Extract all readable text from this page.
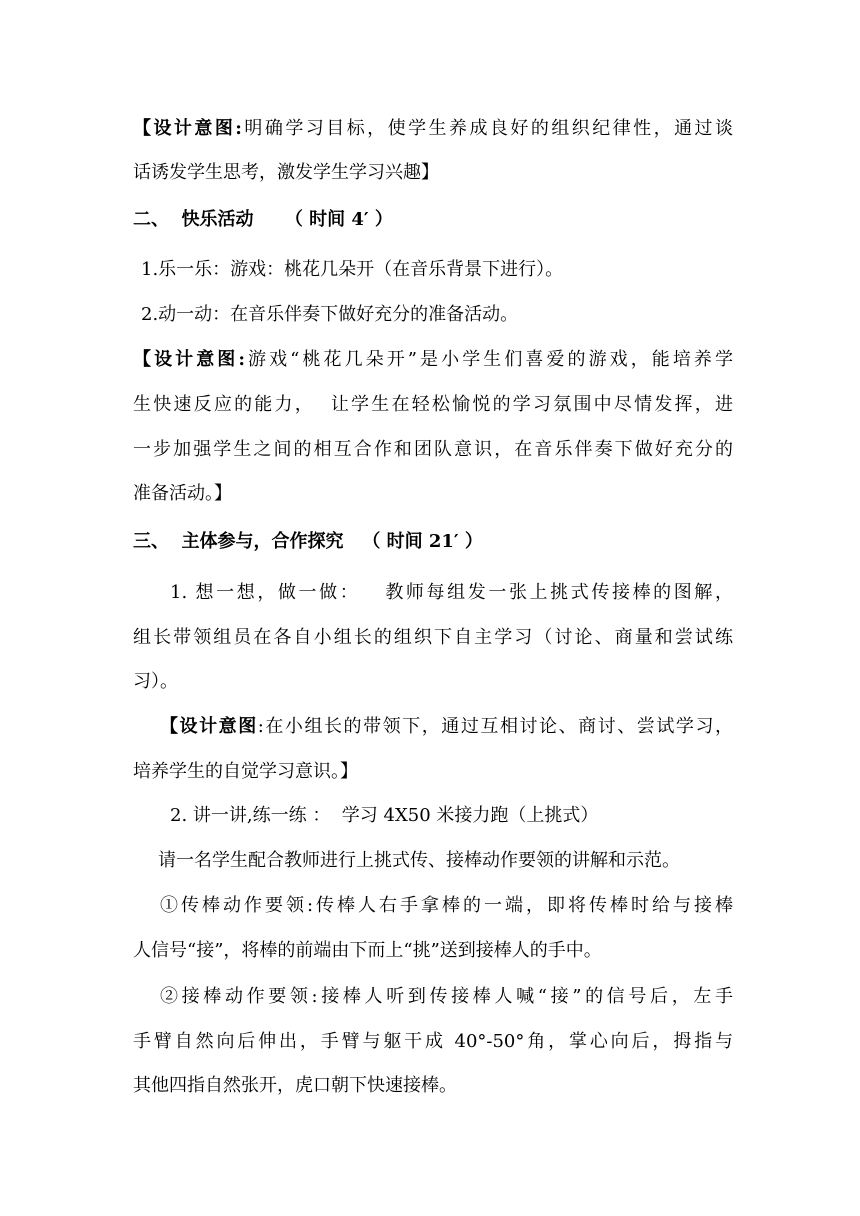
【设计意图:明确学习目标，使学生养成良好的组织纪律性，通过谈
话诱发学生思考，激发学生学习兴趣】
二、  快乐活动     （ 时间 4′ ）
1.乐一乐：游戏：桃花几朵开（在音乐背景下进行）。
2.动一动：在音乐伴奏下做好充分的准备活动。
【设计意图:游戏“桃花几朵开”是小学生们喜爱的游戏，能培养学
生快速反应的能力，  让学生在轻松愉悦的学习氛围中尽情发挥，进
一步加强学生之间的相互合作和团队意识，在音乐伴奏下做好充分的
准备活动。】
三、  主体参与，合作探究   （ 时间 21′ ）
1. 想一想，做一做：   教师每组发一张上挑式传接棒的图解，
组长带领组员在各自小组长的组织下自主学习（讨论、商量和尝试练
习）。
【设计意图:在小组长的带领下，通过互相讨论、商讨、尝试学习，
培养学生的自觉学习意识。】
2. 讲一讲,练一练 ：  学习 4X50 米接力跑（上挑式）
请一名学生配合教师进行上挑式传、接棒动作要领的讲解和示范。
①传棒动作要领:传棒人右手拿棒的一端，即将传棒时给与接棒
人信号“接”，将棒的前端由下而上“挑”送到接棒人的手中。
②接棒动作要领:接棒人听到传接棒人喊“接”的信号后，左手
手臂自然向后伸出，手臂与躯干成 40°-50°角，掌心向后，拇指与
其他四指自然张开，虎口朝下快速接棒。
